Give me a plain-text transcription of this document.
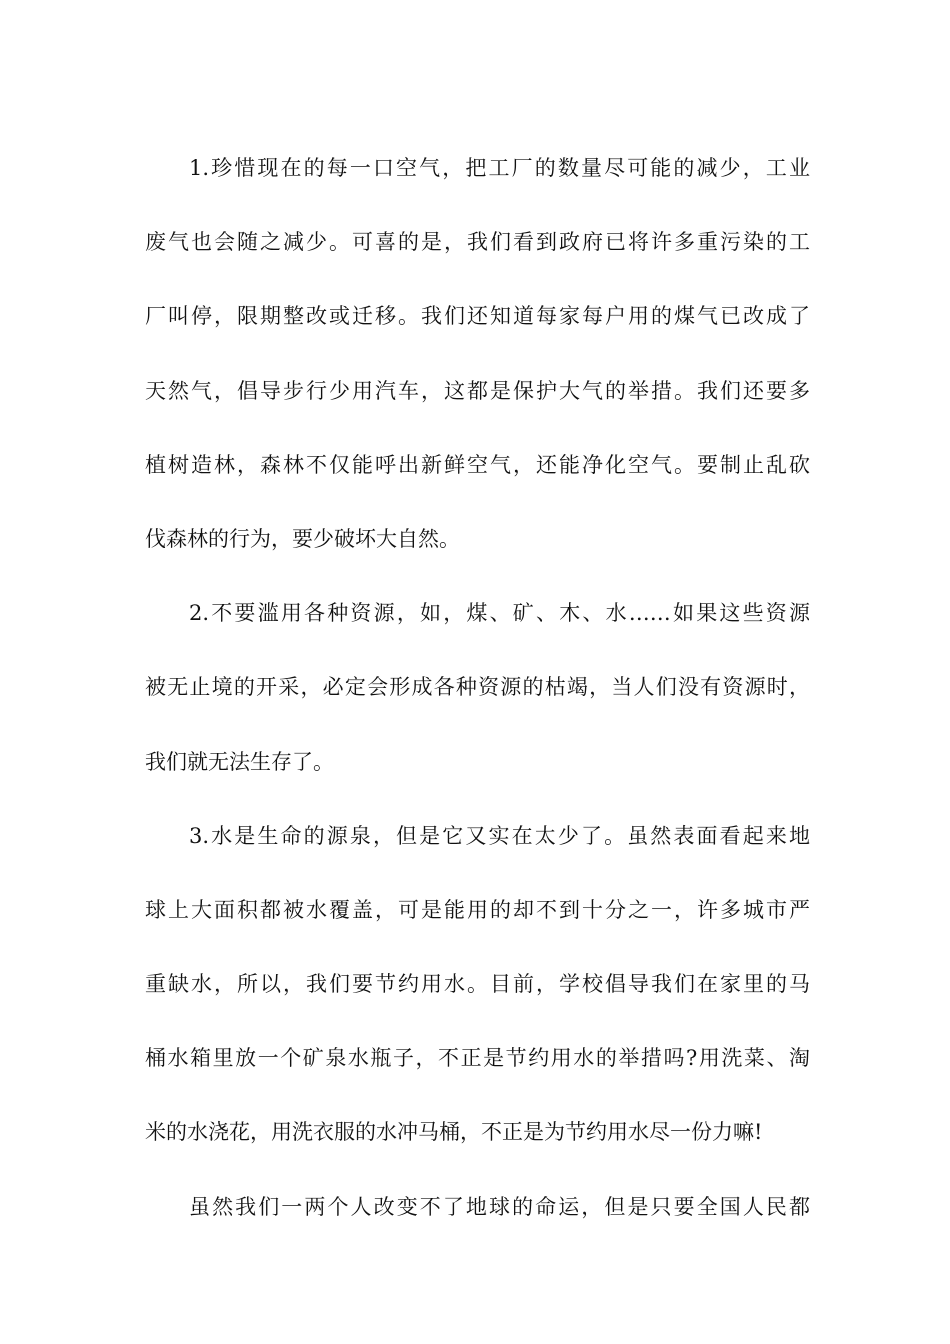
1.珍惜现在的每一口空气，把工厂的数量尽可能的减少，工业
废气也会随之减少。可喜的是，我们看到政府已将许多重污染的工
厂叫停，限期整改或迁移。我们还知道每家每户用的煤气已改成了
天然气，倡导步行少用汽车，这都是保护大气的举措。我们还要多
植树造林，森林不仅能呼出新鲜空气，还能净化空气。要制止乱砍
伐森林的行为，要少破坏大自然。
2.不要滥用各种资源，如，煤、矿、木、水……如果这些资源
被无止境的开采，必定会形成各种资源的枯竭，当人们没有资源时，
我们就无法生存了。
3.水是生命的源泉，但是它又实在太少了。虽然表面看起来地
球上大面积都被水覆盖，可是能用的却不到十分之一，许多城市严
重缺水，所以，我们要节约用水。目前，学校倡导我们在家里的马
桶水箱里放一个矿泉水瓶子，不正是节约用水的举措吗?用洗菜、淘
米的水浇花，用洗衣服的水冲马桶，不正是为节约用水尽一份力嘛!
虽然我们一两个人改变不了地球的命运，但是只要全国人民都
